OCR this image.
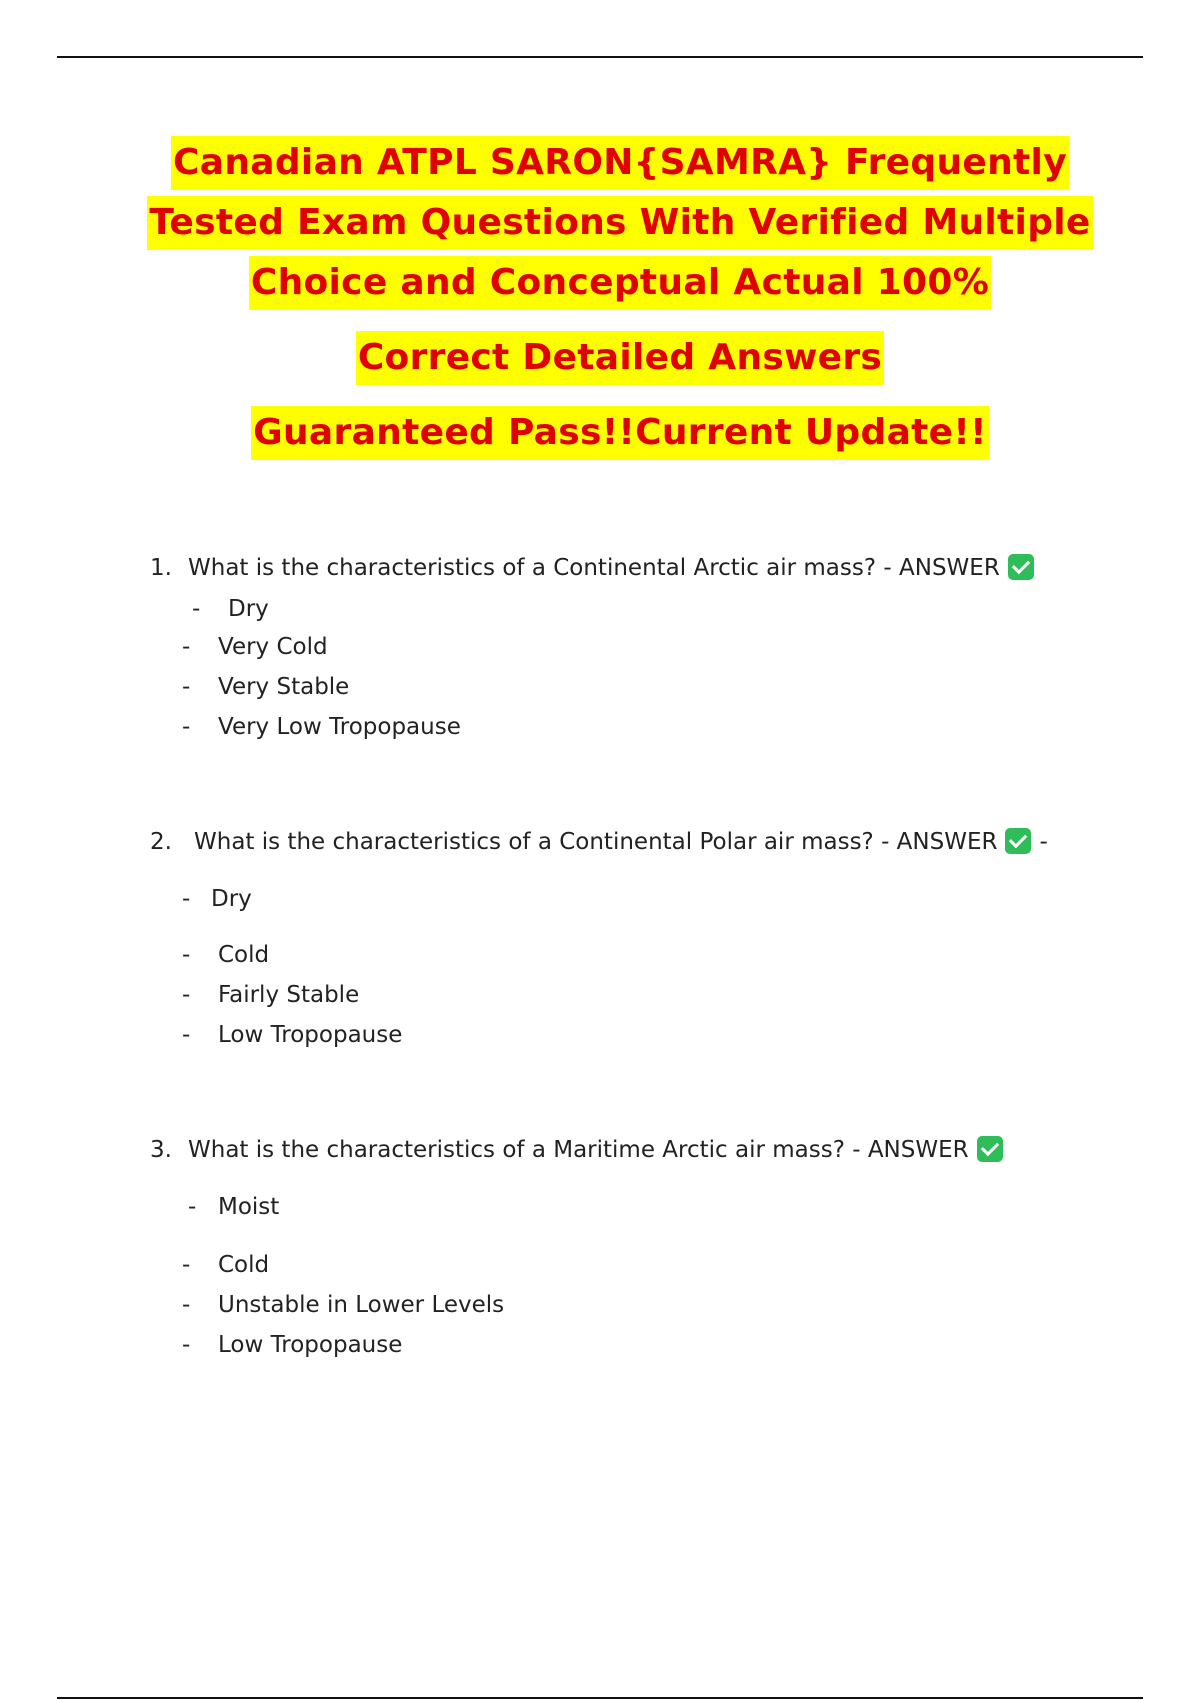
Canadian ATPL SARON{SAMRA} Frequently
Tested Exam Questions With Verified Multiple
Choice and Conceptual Actual 100%
Correct Detailed Answers
Guaranteed Pass!!Current Update!!
1. What is the characteristics of a Continental Arctic air mass? - ANSWER
- Dry
- Very Cold
- Very Stable
- Very Low Tropopause
2. What is the characteristics of a Continental Polar air mass? - ANSWER -
- Dry
- Cold
- Fairly Stable
- Low Tropopause
3. What is the characteristics of a Maritime Arctic air mass? - ANSWER
- Moist
- Cold
- Unstable in Lower Levels
- Low Tropopause
